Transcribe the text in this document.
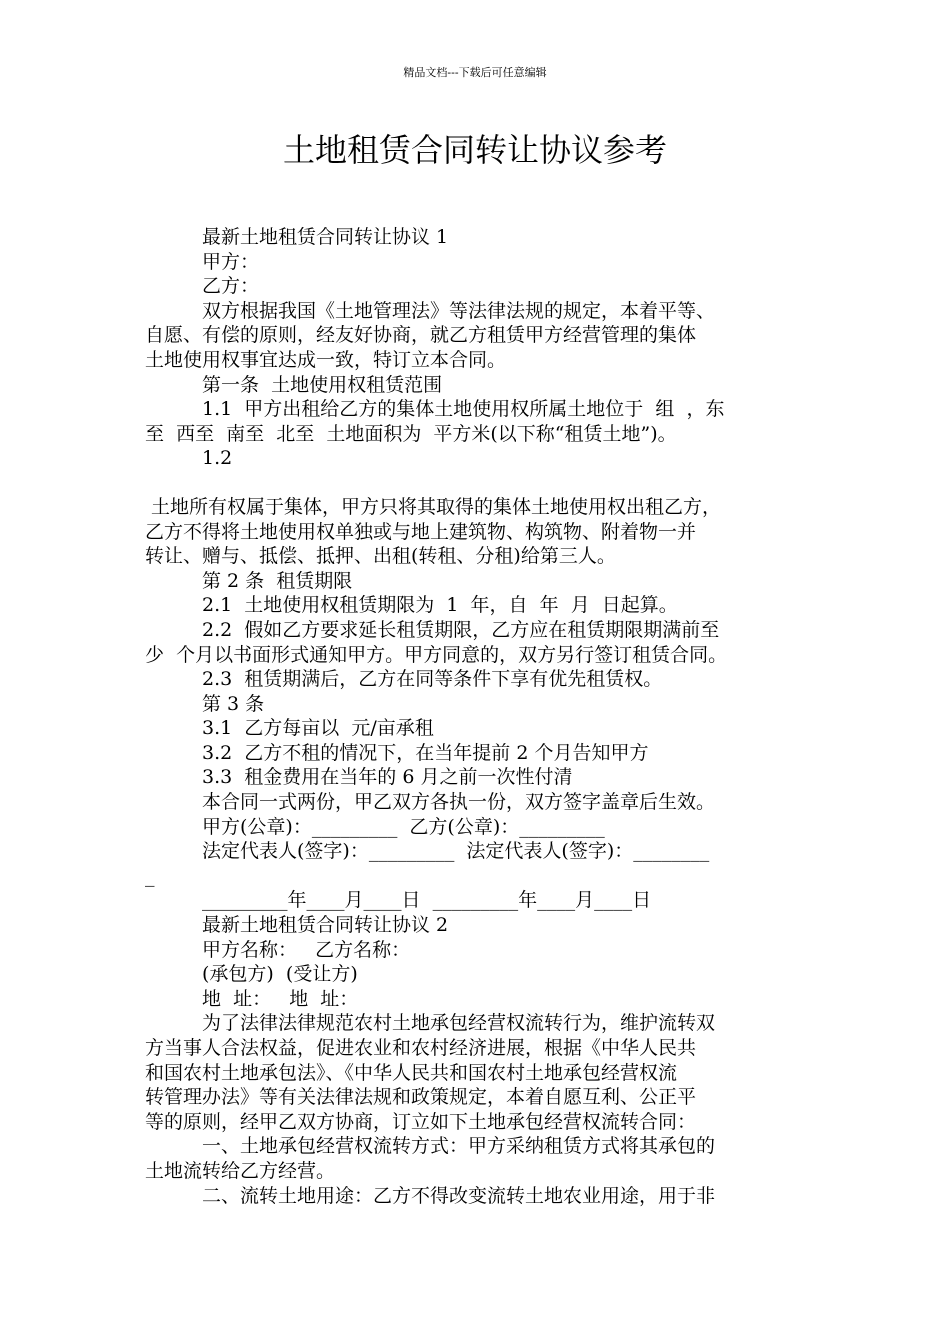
精品文档---下载后可任意编辑
土地租赁合同转让协议参考

最新土地租赁合同转让协议 1

甲方：

乙方：

双方根据我国《土地管理法》等法律法规的规定，本着平等、

自愿、有偿的原则，经友好协商，就乙方租赁甲方经营管理的集体

土地使用权事宜达成一致，特订立本合同。

第一条  土地使用权租赁范围

1.1  甲方出租给乙方的集体土地使用权所属土地位于  组  ，东

至  西至  南至  北至  土地面积为  平方米(以下称“租赁土地”)。

1.2

土地所有权属于集体，甲方只将其取得的集体土地使用权出租乙方，

乙方不得将土地使用权单独或与地上建筑物、构筑物、附着物一并

转让、赠与、抵偿、抵押、出租(转租、分租)给第三人。

第 2 条  租赁期限

2.1  土地使用权租赁期限为  1  年，自  年  月  日起算。

2.2  假如乙方要求延长租赁期限，乙方应在租赁期限期满前至

少  个月以书面形式通知甲方。甲方同意的，双方另行签订租赁合同。

2.3  租赁期满后，乙方在同等条件下享有优先租赁权。

第 3 条

3.1  乙方每亩以  元/亩承租

3.2  乙方不租的情况下，在当年提前 2 个月告知甲方

3.3  租金费用在当年的 6 月之前一次性付清

本合同一式两份，甲乙双方各执一份，双方签字盖章后生效。

甲方(公章)：_________  乙方(公章)：_________

法定代表人(签字)：_________  法定代表人(签字)：________

_

_________年____月____日  _________年____月____日

最新土地租赁合同转让协议 2

甲方名称：   乙方名称：

(承包方)  (受让方)

地  址：   地  址：

为了法律法律规范农村土地承包经营权流转行为，维护流转双

方当事人合法权益，促进农业和农村经济进展，根据《中华人民共

和国农村土地承包法》、《中华人民共和国农村土地承包经营权流

转管理办法》等有关法律法规和政策规定，本着自愿互利、公正平

等的原则，经甲乙双方协商，订立如下土地承包经营权流转合同：

一、土地承包经营权流转方式：甲方采纳租赁方式将其承包的

土地流转给乙方经营。

二、流转土地用途：乙方不得改变流转土地农业用途，用于非
